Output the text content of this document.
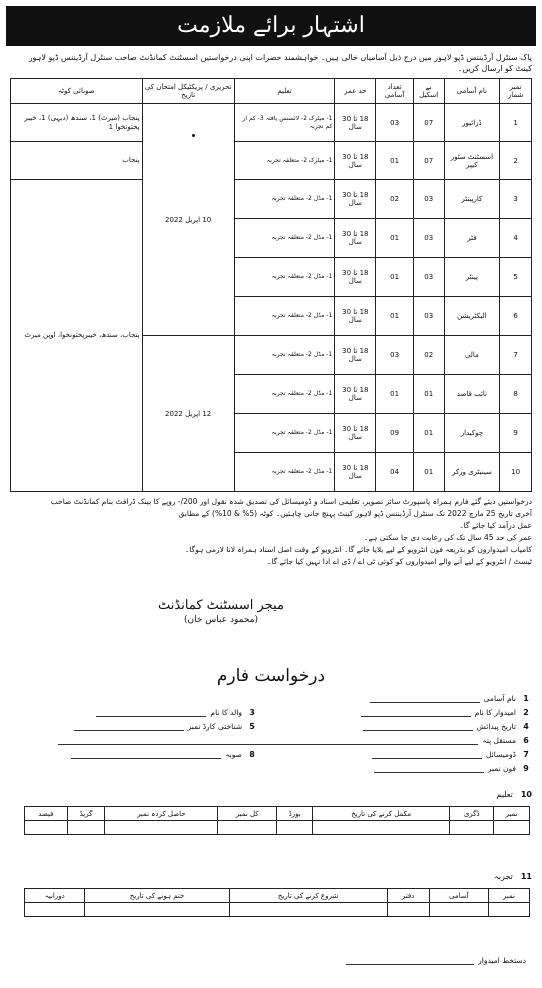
اشتہار برائے ملازمت
پاک سنٹرل آرڈیننس ڈپو لاہور میں درج ذیل آسامیاں خالی ہیں۔ خواہشمند حضرات اپنی درخواستیں اسسٹنٹ کمانڈنٹ صاحب سنٹرل آرڈیننس ڈپو لاہور کینٹ کو ارسال کریں۔
نمبر شمار	نام آسامی	بے اسکیل	تعداد آسامی	حد عمر	تعلیم	تحریری / پریکٹیکل امتحان کی تاریخ	صوبائی کوٹہ
1	ڈرائیور	07	03	18 تا 30 سال	1- میٹرک 2- لائسنس یافتہ 3- کم از کم تجربہ	10 اپریل 2022	پنجاب (میرٹ) 1، سندھ (دیہی) 1، خیبر پختونخوا 1
2	اسسٹنٹ سٹور کیپر	07	01	18 تا 30 سال	1- میٹرک 2- متعلقہ تجربہ		پنجاب
3	کارپینٹر	03	02	18 تا 30 سال	1- مڈل 2- متعلقہ تجربہ		پنجاب، سندھ، خیبرپختونخوا، اوپن میرٹ
4	فٹر	03	01	18 تا 30 سال	1- مڈل 2- متعلقہ تجربہ		
5	پینٹر	03	01	18 تا 30 سال	1- مڈل 2- متعلقہ تجربہ		
6	الیکٹریشن	03	01	18 تا 30 سال	1- مڈل 2- متعلقہ تجربہ		
7	مالی	02	03	18 تا 30 سال	1- مڈل 2- متعلقہ تجربہ	12 اپریل 2022	
8	نائب قاصد	01	01	18 تا 30 سال	1- مڈل 2- متعلقہ تجربہ		
9	چوکیدار	01	09	18 تا 30 سال	1- مڈل 2- متعلقہ تجربہ		
10	سینیٹری ورکر	01	04	18 تا 30 سال	1- مڈل 2- متعلقہ تجربہ		
درخواستیں دیئے گئے فارم ہمراہ پاسپورٹ سائز تصویر، تعلیمی اسناد و ڈومیسائل کی تصدیق شدہ نقول اور 200/- روپے کا بینک ڈرافٹ بنام کمانڈنٹ صاحب
آخری تاریخ 25 مارچ 2022 تک سنٹرل آرڈیننس ڈپو لاہور کینٹ پہنچ جانی چاہئیں۔ کوٹہ (5% & 10%) کے مطابق
عمل درآمد کیا جائے گا۔
عمر کی حد 45 سال تک کی رعایت دی جا سکتی ہے۔
کامیاب امیدواروں کو بذریعہ فون انٹرویو کے لیے بلایا جائے گا۔ انٹرویو کے وقت اصل اسناد ہمراہ لانا لازمی ہوگا۔
ٹیسٹ / انٹرویو کے لیے آنے والے امیدواروں کو کوئی ٹی اے / ڈی اے ادا نہیں کیا جائے گا۔
میجر اسسٹنٹ کمانڈنٹ
(محمود عباس خان)
درخواست فارم
1
نام آسامی
2
امیدوار کا نام
4
تاریخ پیدائش
6
مستقل پتہ
7
ڈومیسائل
9
فون نمبر
3
والد کا نام
5
شناختی کارڈ نمبر
8
صوبہ
10
تعلیم
نمبر	ڈگری	مکمل کرنے کی تاریخ	بورڈ	کل نمبر	حاصل کردہ نمبر	گریڈ	فیصد

11
تجربہ
نمبر	آسامی	دفتر	شروع کرنے کی تاریخ	ختم ہونے کی تاریخ	دورانیہ

دستخط امیدوار
